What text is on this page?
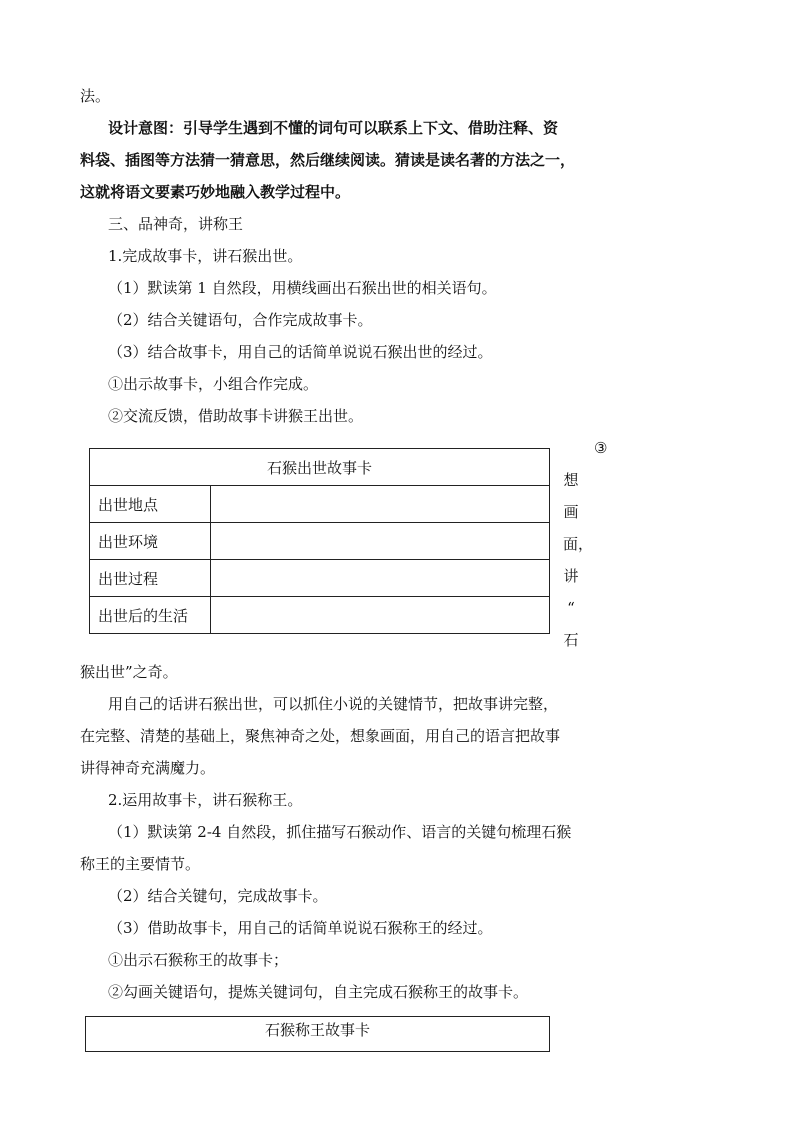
法。
设计意图：引导学生遇到不懂的词句可以联系上下文、借助注释、资
料袋、插图等方法猜一猜意思，然后继续阅读。猜读是读名著的方法之一，
这就将语文要素巧妙地融入教学过程中。
三、品神奇，讲称王
1.完成故事卡，讲石猴出世。
（1）默读第 1 自然段，用横线画出石猴出世的相关语句。
（2）结合关键语句，合作完成故事卡。
（3）结合故事卡，用自己的话简单说说石猴出世的经过。
①出示故事卡，小组合作完成。
②交流反馈，借助故事卡讲猴王出世。
石猴出世故事卡	
出世地点	
出世环境	
出世过程	
出世后的生活	
③
想
画
面，
讲
“
石
猴出世”之奇。
用自己的话讲石猴出世，可以抓住小说的关键情节，把故事讲完整，
在完整、清楚的基础上，聚焦神奇之处，想象画面，用自己的语言把故事
讲得神奇充满魔力。
2.运用故事卡，讲石猴称王。
（1）默读第 2-4 自然段，抓住描写石猴动作、语言的关键句梳理石猴
称王的主要情节。
（2）结合关键句，完成故事卡。
（3）借助故事卡，用自己的话简单说说石猴称王的经过。
①出示石猴称王的故事卡；
②勾画关键语句，提炼关键词句，自主完成石猴称王的故事卡。
石猴称王故事卡
